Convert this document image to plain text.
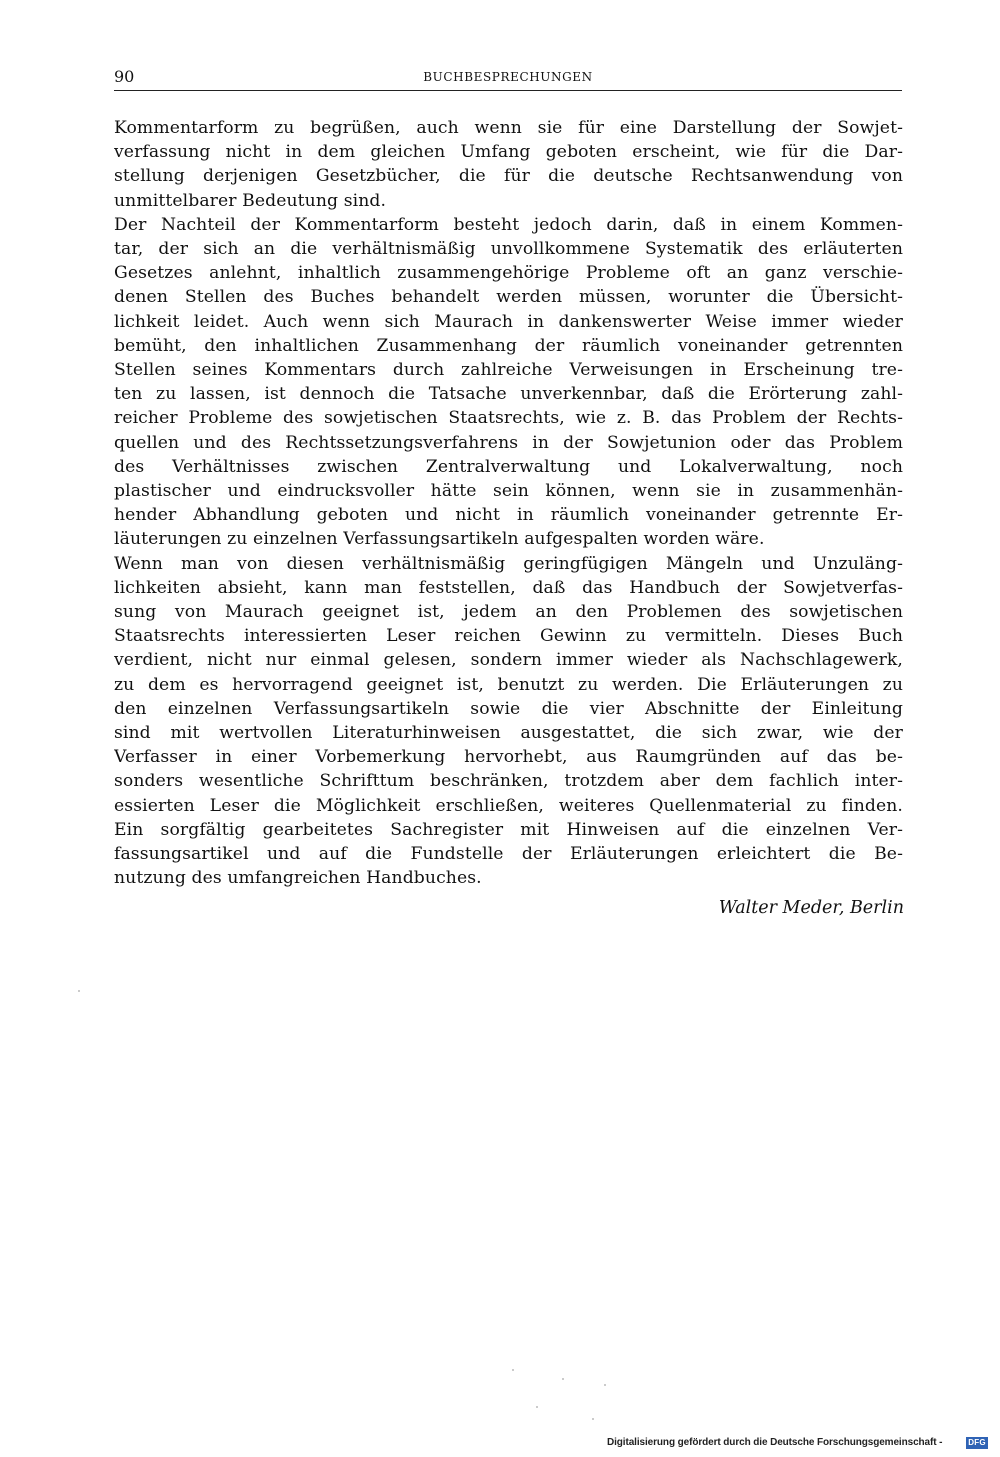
90	BUCHBESPRECHUNGEN
Kommentarform zu begrüßen, auch wenn sie für eine Darstellung der Sowjet-
verfassung nicht in dem gleichen Umfang geboten erscheint, wie für die Dar-
stellung derjenigen Gesetzbücher, die für die deutsche Rechtsanwendung von
unmittelbarer Bedeutung sind.
Der Nachteil der Kommentarform besteht jedoch darin, daß in einem Kommen-
tar, der sich an die verhältnismäßig unvollkommene Systematik des erläuterten
Gesetzes anlehnt, inhaltlich zusammengehörige Probleme oft an ganz verschie-
denen Stellen des Buches behandelt werden müssen, worunter die Übersicht-
lichkeit leidet. Auch wenn sich Maurach in dankenswerter Weise immer wieder
bemüht, den inhaltlichen Zusammenhang der räumlich voneinander getrennten
Stellen seines Kommentars durch zahlreiche Verweisungen in Erscheinung tre-
ten zu lassen, ist dennoch die Tatsache unverkennbar, daß die Erörterung zahl-
reicher Probleme des sowjetischen Staatsrechts, wie z. B. das Problem der Rechts-
quellen und des Rechtssetzungsverfahrens in der Sowjetunion oder das Problem
des Verhältnisses zwischen Zentralverwaltung und Lokalverwaltung, noch
plastischer und eindrucksvoller hätte sein können, wenn sie in zusammenhän-
hender Abhandlung geboten und nicht in räumlich voneinander getrennte Er-
läuterungen zu einzelnen Verfassungsartikeln aufgespalten worden wäre.
Wenn man von diesen verhältnismäßig geringfügigen Mängeln und Unzuläng-
lichkeiten absieht, kann man feststellen, daß das Handbuch der Sowjetverfas-
sung von Maurach geeignet ist, jedem an den Problemen des sowjetischen
Staatsrechts interessierten Leser reichen Gewinn zu vermitteln. Dieses Buch
verdient, nicht nur einmal gelesen, sondern immer wieder als Nachschlagewerk,
zu dem es hervorragend geeignet ist, benutzt zu werden. Die Erläuterungen zu
den einzelnen Verfassungsartikeln sowie die vier Abschnitte der Einleitung
sind mit wertvollen Literaturhinweisen ausgestattet, die sich zwar, wie der
Verfasser in einer Vorbemerkung hervorhebt, aus Raumgründen auf das be-
sonders wesentliche Schrifttum beschränken, trotzdem aber dem fachlich inter-
essierten Leser die Möglichkeit erschließen, weiteres Quellenmaterial zu finden.
Ein sorgfältig gearbeitetes Sachregister mit Hinweisen auf die einzelnen Ver-
fassungsartikel und auf die Fundstelle der Erläuterungen erleichtert die Be-
nutzung des umfangreichen Handbuches.
Walter Meder, Berlin

Digitalisierung gefördert durch die Deutsche Forschungsgemeinschaft -	DFG
